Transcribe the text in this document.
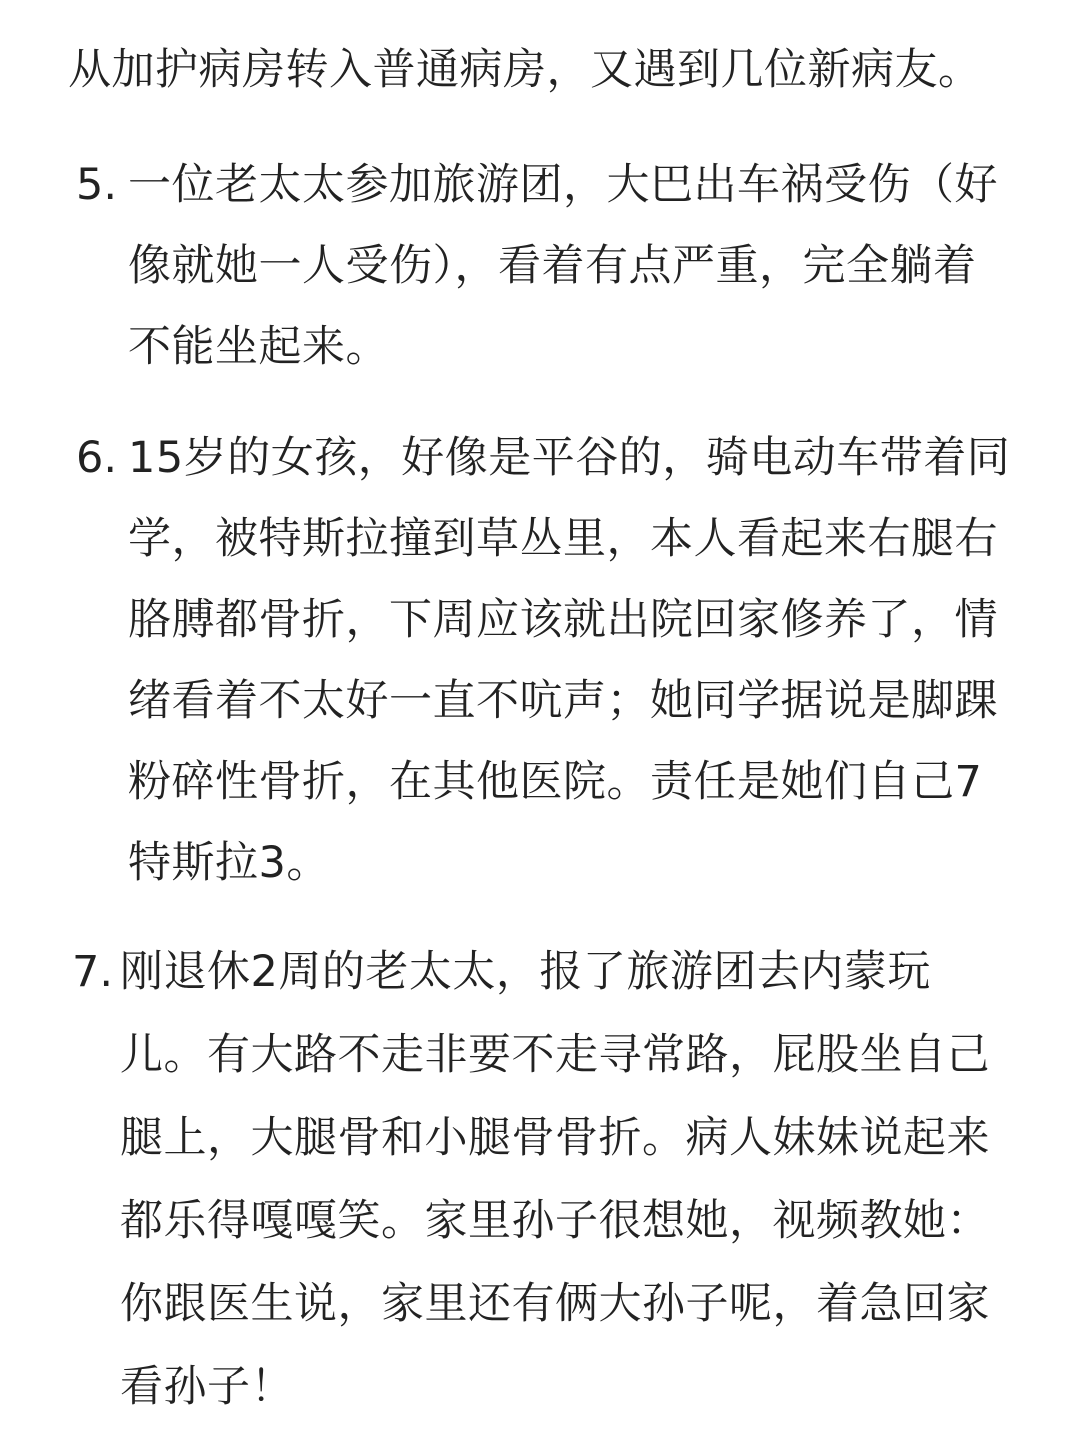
从加护病房转入普通病房，又遇到几位新病友。
5. 一位老太太参加旅游团，大巴出车祸受伤（好
像就她一人受伤），看着有点严重，完全躺着
不能坐起来。
6. 15岁的女孩，好像是平谷的，骑电动车带着同
学，被特斯拉撞到草丛里，本人看起来右腿右
胳膊都骨折，下周应该就出院回家修养了，情
绪看着不太好一直不吭声；她同学据说是脚踝
粉碎性骨折，在其他医院。责任是她们自己7
特斯拉3。
7. 刚退休2周的老太太，报了旅游团去内蒙玩
儿。有大路不走非要不走寻常路，屁股坐自己
腿上，大腿骨和小腿骨骨折。病人妹妹说起来
都乐得嘎嘎笑。家里孙子很想她，视频教她：
你跟医生说，家里还有俩大孙子呢，着急回家
看孙子！
